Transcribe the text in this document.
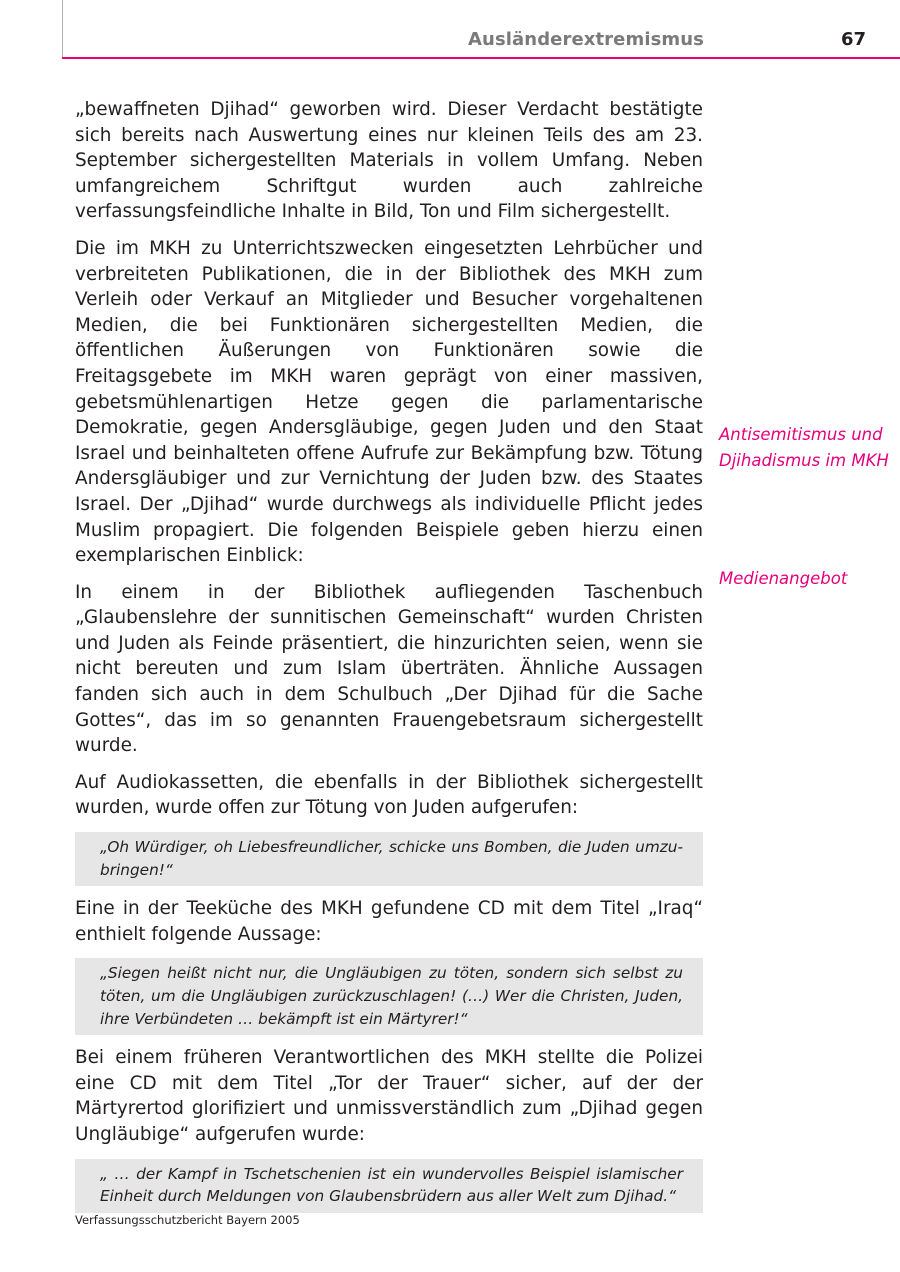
Ausländerextremismus	67

„bewaffneten Djihad“ geworben wird. Dieser Verdacht bestätigte sich bereits nach Auswertung eines nur kleinen Teils des am 23. September sichergestellten Materials in vollem Umfang. Neben umfangreichem Schriftgut wurden auch zahlreiche verfassungsfeindliche Inhalte in Bild, Ton und Film sichergestellt.

Die im MKH zu Unterrichtszwecken eingesetzten Lehrbücher und verbreiteten Publikationen, die in der Bibliothek des MKH zum Verleih oder Verkauf an Mitglieder und Besucher vorgehaltenen Medien, die bei Funktionären sichergestellten Medien, die öffentlichen Äußerungen von Funktionären sowie die Freitagsgebete im MKH waren geprägt von einer massiven, gebetsmühlenartigen Hetze gegen die parlamentarische Demokratie, gegen Andersgläubige, gegen Juden und den Staat Israel und beinhalteten offene Aufrufe zur Bekämpfung bzw. Tötung Andersgläubiger und zur Vernichtung der Juden bzw. des Staates Israel. Der „Djihad“ wurde durchwegs als individuelle Pflicht jedes Muslim propagiert. Die folgenden Beispiele geben hierzu einen exemplarischen Einblick:

In einem in der Bibliothek aufliegenden Taschenbuch „Glaubenslehre der sunnitischen Gemeinschaft“ wurden Christen und Juden als Feinde präsentiert, die hinzurichten seien, wenn sie nicht bereuten und zum Islam überträten. Ähnliche Aussagen fanden sich auch in dem Schulbuch „Der Djihad für die Sache Gottes“, das im so genannten Frauengebetsraum sichergestellt wurde.

Auf Audiokassetten, die ebenfalls in der Bibliothek sichergestellt wurden, wurde offen zur Tötung von Juden aufgerufen:

„Oh Würdiger, oh Liebesfreundlicher, schicke uns Bomben, die Juden umzubringen!“

Eine in der Teeküche des MKH gefundene CD mit dem Titel „Iraq“ enthielt folgende Aussage:

„Siegen heißt nicht nur, die Ungläubigen zu töten, sondern sich selbst zu töten, um die Ungläubigen zurückzuschlagen! (…) Wer die Christen, Juden, ihre Verbündeten … bekämpft ist ein Märtyrer!“

Bei einem früheren Verantwortlichen des MKH stellte die Polizei eine CD mit dem Titel „Tor der Trauer“ sicher, auf der der Märtyrertod glorifiziert und unmissverständlich zum „Djihad gegen Ungläubige“ aufgerufen wurde:

„ … der Kampf in Tschetschenien ist ein wundervolles Beispiel islamischer Einheit durch Meldungen von Glaubensbrüdern aus aller Welt zum Djihad.“
Antisemitismus und Djihadismus im MKH
Medienangebot
Verfassungsschutzbericht Bayern 2005
